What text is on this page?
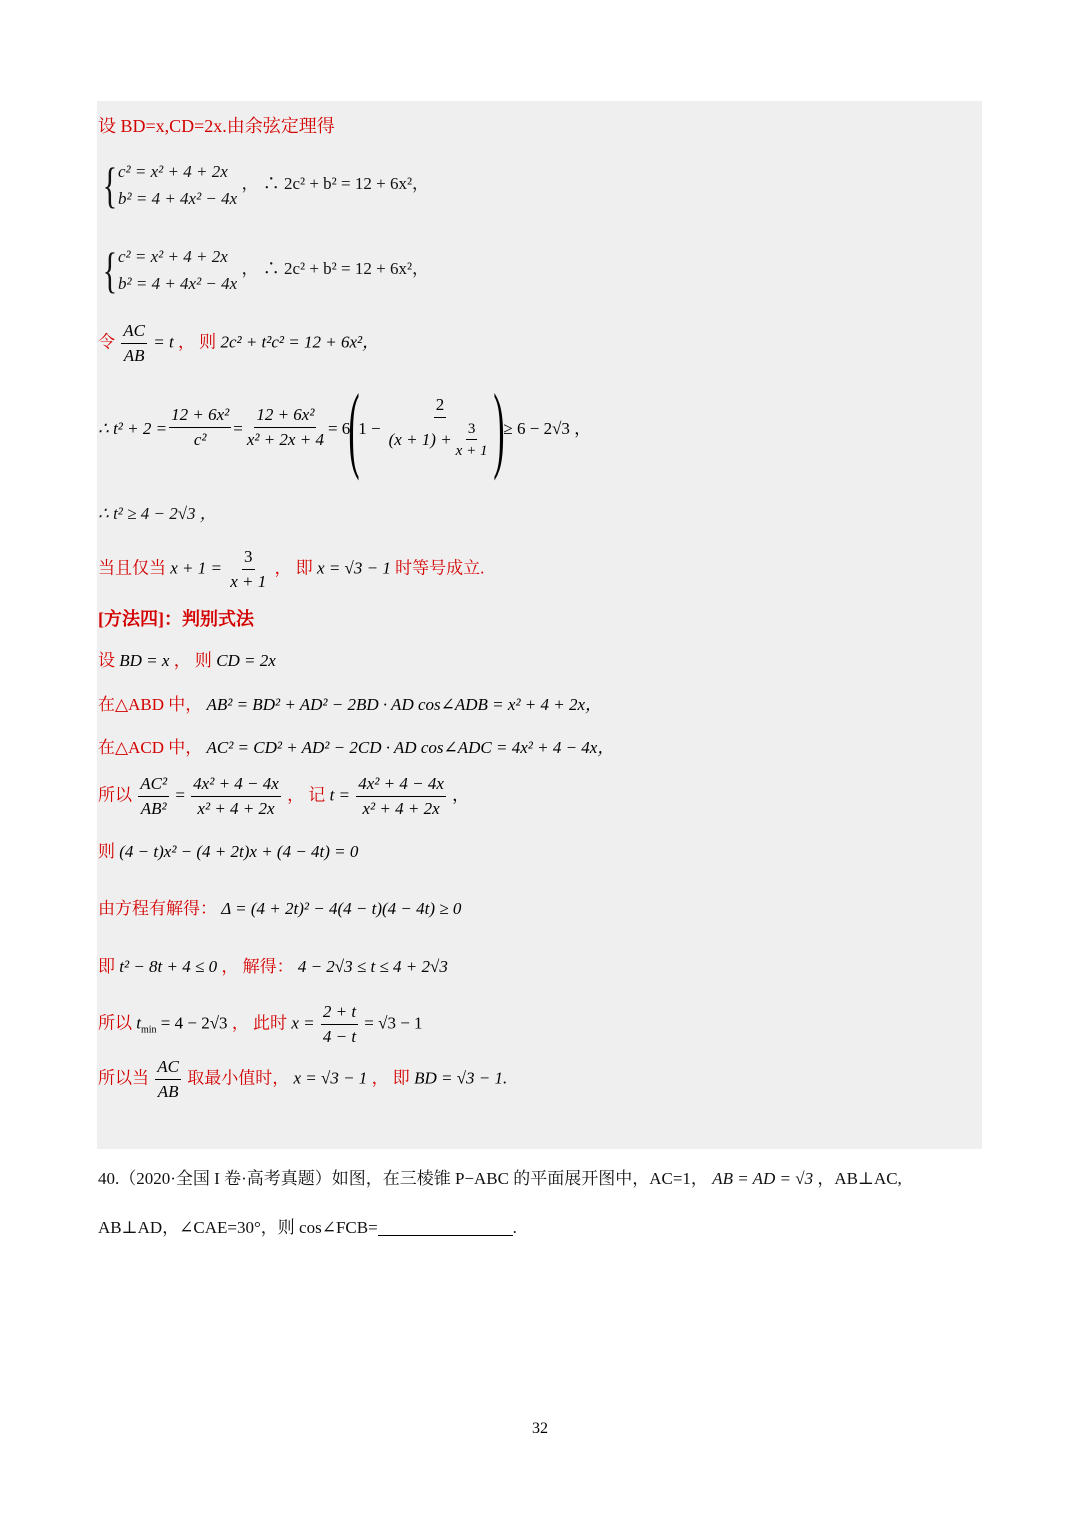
设 BD=x,CD=2x.由余弦定理得
{ c² = x² + 4 + 2x
b² = 4 + 4x² − 4x
， ∴ 2c² + b² = 12 + 6x²，
{ c² = x² + 4 + 2x
b² = 4 + 4x² − 4x
， ∴ 2c² + b² = 12 + 6x²，
令 $\frac{AC}{AB} = t$ ， 则 2c² + t²c² = 12 + 6x²，
∴ $t^2 + 2 = \frac{\text{12 + 6x²}}{\text{c²}} = \frac{\text{12 + 6x²}}{\text{x² + 2x + 4}} = 6$
(
$1 - \frac{2}{(x + 1) + \frac{3}{x + 1}}$ )
≥ 6 − 2√3 ，
∴ t² ≥ 4 − 2√3 ，
当且仅当 $x + 1 = \frac{3}{x + 1}$ ， 即 x = √3 − 1 时等号成立.
[方法四]：判别式法
设 BD = x ， 则 CD = 2x
在△ABD 中， AB² = BD² + AD² − 2BD · AD cos∠ADB = x² + 4 + 2x，
在△ACD 中， AC² = CD² + AD² − 2CD · AD cos∠ADC = 4x² + 4 − 4x，
所以 $\frac{\text{AC²}}{\text{AB²}} = \frac{\text{4x² + 4 − 4x}}{\text{x² + 4 + 2x}}$ ， 记 $t = \frac{\text{4x² + 4 − 4x}}{\text{x² + 4 + 2x}}$ ，
则 (4 − t)x² − (4 + 2t)x + (4 − 4t) = 0
由方程有解得： Δ = (4 + 2t)² − 4(4 − t)(4 − 4t) ≥ 0
即 t² − 8t + 4 ≤ 0 ， 解得： 4 − 2√3 ≤ t ≤ 4 + 2√3
所以 $t_{min} = 4 - 2√3$ ， 此时 $x = \frac{2 + t}{4 - t} = √3 - 1$
所以当 $\frac{AC}{AB}$ 取最小值时， x = √3 − 1 ， 即 BD = √3 − 1.
40.（2020·全国 I 卷·高考真题）如图，在三棱锥 P−ABC 的平面展开图中，AC=1， AB = AD = √3 ，AB⊥AC,
AB⊥AD，∠CAE=30°，则 cos∠FCB=	.
32
